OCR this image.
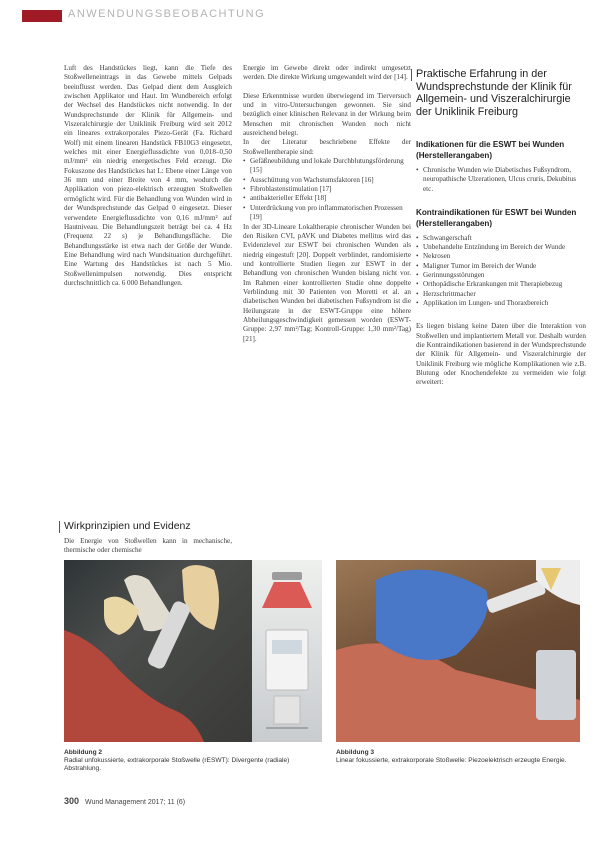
ANWENDUNGSBEOBACHTUNG

Luft des Handstückes liegt, kann die Tiefe des Stoßwelleneintrags in das Gewebe mittels Gelpads beeinflusst werden. Das Gelpad dient dem Ausgleich zwischen Applikator und Haut. Im Wundbereich erfolgt der Wechsel des Handstückes nicht notwendig. In der Wundsprechstunde der Klinik für Allgemein- und Viszeralchirurgie der Uniklinik Freiburg wird seit 2012 ein lineares extrakorporales Piezo-Gerät (Fa. Richard Wolf) mit einem linearen Handstück FB10G3 eingesetzt, welches mit einer Energieflussdichte von 0,018–0,50 mJ/mm² ein niedrig energetisches Feld erzeugt. Die Fokuszone des Handstückes hat L: Ebene einer Länge von 36 mm und einer Breite von 4 mm, wodurch die Applikation von piezo-elektrisch erzeugten Stoßwellen ermöglicht wird. Für die Behandlung von Wunden wird in der Wundsprechstunde das Gelpad 0 eingesetzt. Dieser verwendete Energieflussdichte von 0,16 mJ/mm² auf Hautniveau. Die Behandlungszeit beträgt bei ca. 4 Hz (Frequenz 22 s) je Behandlungsfläche. Die Behandlungsstärke ist etwa nach der Größe der Wunde. Eine Behandlung wird nach Wundsituation durchgeführt. Eine Wartung des Handstückes ist nach 5 Mio. Stoßwellenimpulsen notwendig. Dies entspricht durchschnittlich ca. 6 000 Behandlungen.

Wirkprinzipien und Evidenz

Die Energie von Stoßwellen kann in mechanische, thermische oder chemische

Energie im Gewebe direkt oder indirekt umgesetzt werden. Die direkte Wirkung umgewandelt wird der [14].

Diese Erkenntnisse wurden überwiegend im Tierversuch und in vitro-Untersuchungen gewonnen. Sie sind bezüglich einer klinischen Relevanz in der Wirkung beim Menschen mit chronischen Wunden noch nicht ausreichend belegt.

In der Literatur beschriebene Effekte der Stoßwellentherapie sind:

• Gefäßneubildung und lokale Durchblutungsförderung [15]
• Ausschüttung von Wachstumsfaktoren [16]
• Fibroblastenstimulation [17]
• antibakterieller Effekt [18]
• Unterdrückung von pro inflammatorischen Prozessen [19]

In der 3D-Lineare Lokaltherapie chronischer Wunden bei den Risiken CVI, pAVK und Diabetes mellitus wird das Evidenzlevel zur ESWT bei chronischen Wunden als niedrig eingestuft [20]. Doppelt verblindet, randomisierte und kontrollierte Studien liegen zur ESWT in der Behandlung von chronischen Wunden bislang nicht vor. Im Rahmen einer kontrollierten Studie ohne doppelte Verblindung mit 30 Patienten von Moretti et al. an diabetischen Wunden bei diabetischen Fußsyndrom ist die Heilungsrate in der ESWT-Gruppe eine höhere Abheilungsgeschwindigkeit gemessen worden (ESWT-Gruppe: 2,97 mm²/Tag; Kontroll-Gruppe: 1,30 mm²/Tag) [21].

Praktische Erfahrung in der Wundsprechstunde der Klinik für Allgemein- und Viszeralchirurgie der Uniklinik Freiburg
Indikationen für die ESWT bei Wunden (Herstellerangaben)
• Chronische Wunden wie Diabetisches Fußsyndrom, neuropathische Ulzerationen, Ulcus cruris, Dekubitus etc.
Kontraindikationen für ESWT bei Wunden (Herstellerangaben)
• Schwangerschaft
• Unbehandelte Entzündung im Bereich der Wunde
• Nekrosen
• Maligner Tumor im Bereich der Wunde
• Gerinnungsstörungen
• Orthopädische Erkrankungen mit Therapiebezug
• Herzschrittmacher
• Applikation im Lungen- und Thoraxbereich

Es liegen bislang keine Daten über die Interaktion von Stoßwellen und implantiertem Metall vor. Deshalb wurden die Kontraindikationen basierend in der Wundsprechstunde der Klinik für Allgemein- und Viszeralchirurgie der Uniklinik Freiburg wie mögliche Komplikationen wie z.B. Blutung oder Knochendefekte zu vermeiden wie folgt erweitert:

Abbildung 2
Radial unfokussierte, extrakorporale Stoßwelle (rESWT): Divergente (radiale) Abstrahlung.
Abbildung 3
Linear fokussierte, extrakorporale Stoßwelle: Piezoelektrisch erzeugte Energie.
300 Wund Management 2017; 11 (6)
